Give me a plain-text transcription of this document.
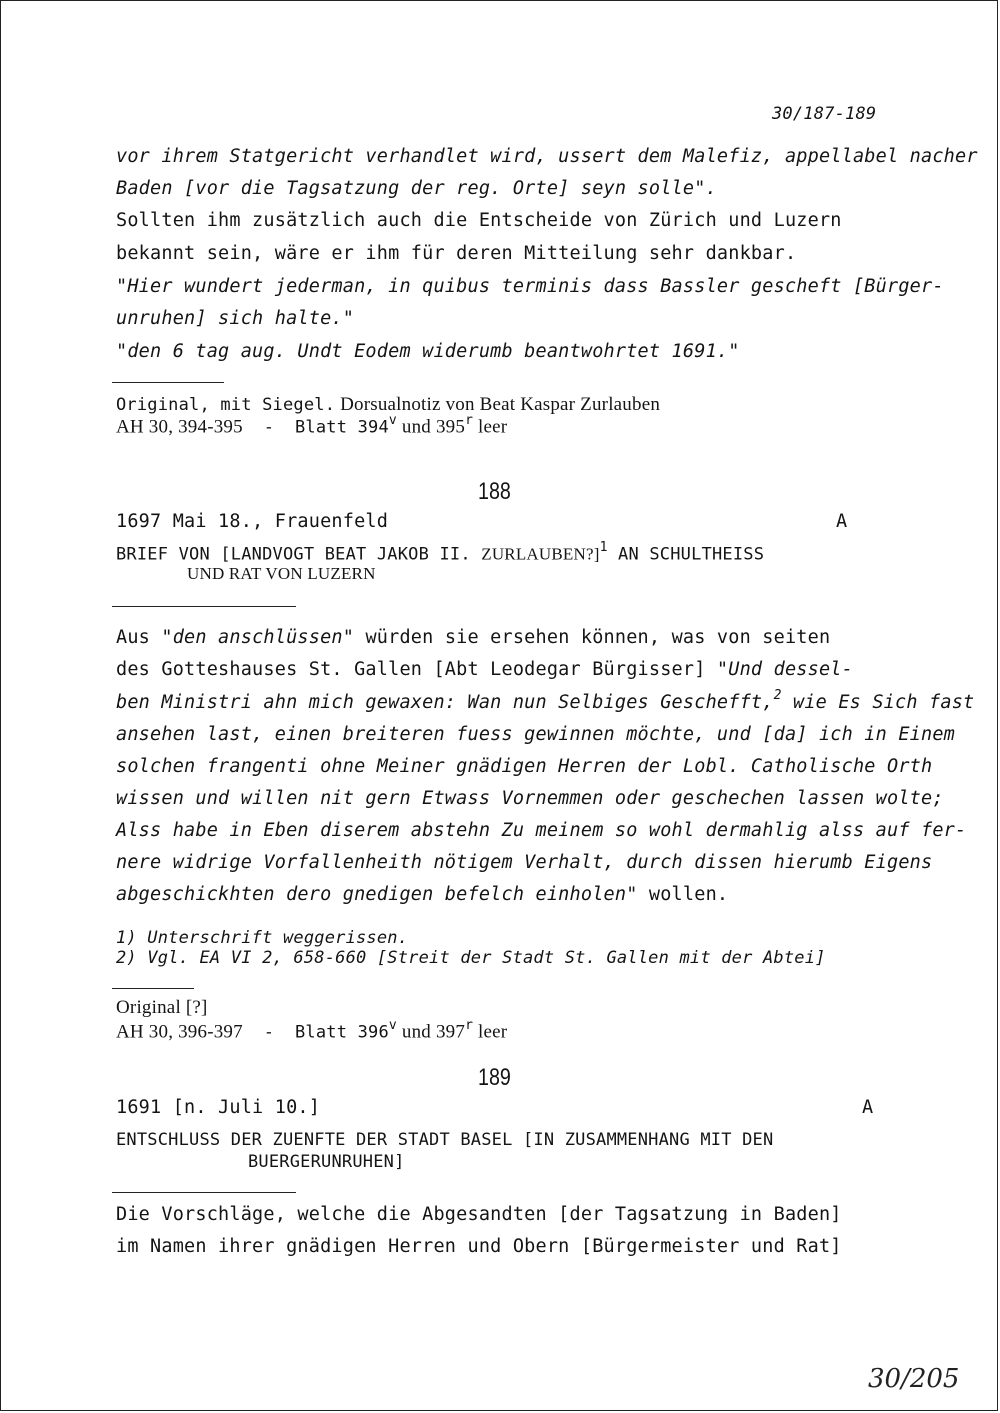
30/187-189
vor ihrem Statgericht verhandlet wird, ussert dem Malefiz, appellabel nacher
Baden [vor die Tagsatzung der reg. Orte] seyn solle".
Sollten ihm zusätzlich auch die Entscheide von Zürich und Luzern
bekannt sein, wäre er ihm für deren Mitteilung sehr dankbar.
"Hier wundert jederman, in quibus terminis dass Bassler gescheft [Bürger-
unruhen] sich halte."
"den 6 tag aug. Undt Eodem widerumb beantwohrtet 1691."
Original, mit Siegel. Dorsualnotiz von Beat Kaspar Zurlauben
AH 30, 394-395  -  Blatt 394$^v$ und 395$^r$ leer
188
1697 Mai 18., Frauenfeld	A
BRIEF VON [LANDVOGT BEAT JAKOB II. ZURLAUBEN?]$^1$ AN SCHULTHEISS
UND RAT VON LUZERN
Aus "den anschlüssen" würden sie ersehen können, was von seiten
des Gotteshauses St. Gallen [Abt Leodegar Bürgisser] "Und dessel-
ben Ministri ahn mich gewaxen: Wan nun Selbiges Geschefft,$^2$ wie Es Sich fast
ansehen last, einen breiteren fuess gewinnen möchte, und [da] ich in Einem
solchen frangenti ohne Meiner gnädigen Herren der Lobl. Catholische Orth
wissen und willen nit gern Etwass Vornemmen oder geschechen lassen wolte;
Alss habe in Eben diserem abstehn Zu meinem so wohl dermahlig alss auf fer-
nere widrige Vorfallenheith nötigem Verhalt, durch dissen hierumb Eigens
abgeschickhten dero gnedigen befelch einholen" wollen.
1) Unterschrift weggerissen.
2) Vgl. EA VI 2, 658-660 [Streit der Stadt St. Gallen mit der Abtei]
Original [?]
AH 30, 396-397  -  Blatt 396$^v$ und 397$^r$ leer
189
1691 [n. Juli 10.]	A
ENTSCHLUSS DER ZUENFTE DER STADT BASEL [IN ZUSAMMENHANG MIT DEN
BUERGERUNRUHEN]
Die Vorschläge, welche die Abgesandten [der Tagsatzung in Baden]
im Namen ihrer gnädigen Herren und Obern [Bürgermeister und Rat]
30/205
